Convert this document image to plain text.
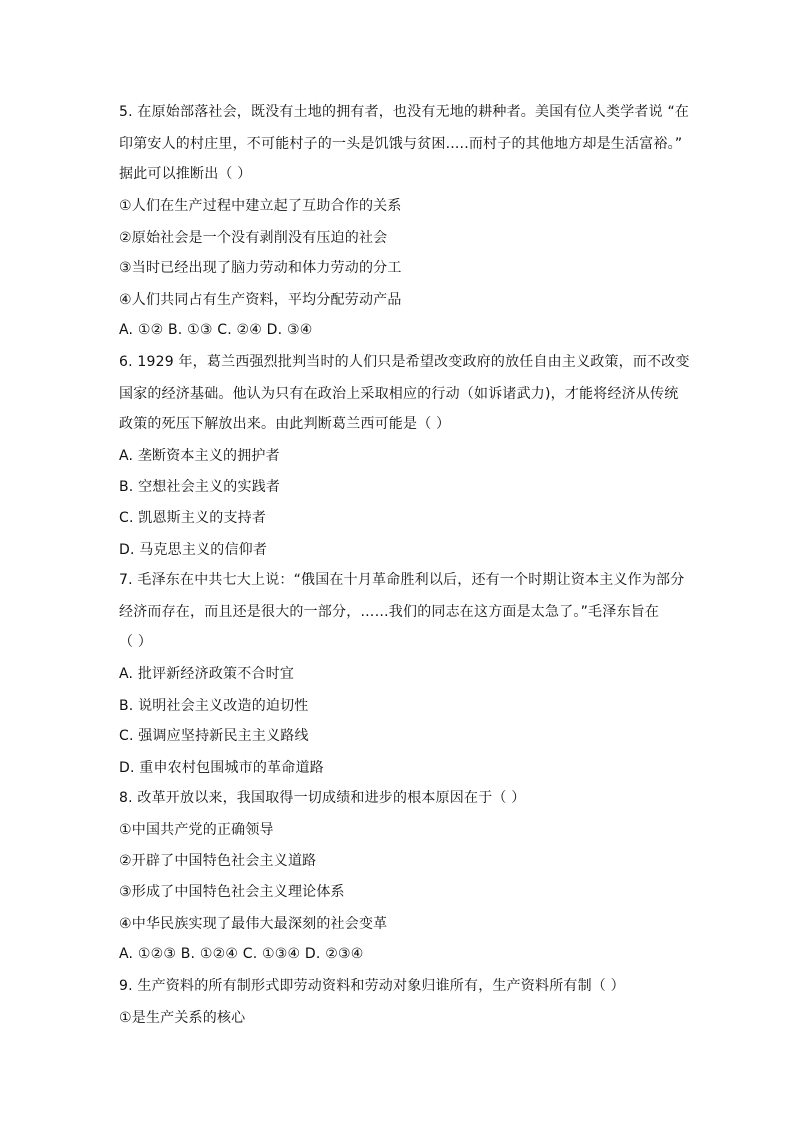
5. 在原始部落社会，既没有土地的拥有者，也没有无地的耕种者。美国有位人类学者说 “在
印第安人的村庄里，不可能村子的一头是饥饿与贫困.....而村子的其他地方却是生活富裕。”
据此可以推断出（ ）
①人们在生产过程中建立起了互助合作的关系
②原始社会是一个没有剥削没有压迫的社会
③当时已经出现了脑力劳动和体力劳动的分工
④人们共同占有生产资料，平均分配劳动产品
A. ①② B. ①③ C. ②④ D. ③④
6. 1929 年，葛兰西强烈批判当时的人们只是希望改变政府的放任自由主义政策，而不改变
国家的经济基础。他认为只有在政治上采取相应的行动（如诉诸武力)，才能将经济从传统
政策的死压下解放出来。由此判断葛兰西可能是（ ）
A. 垄断资本主义的拥护者
B. 空想社会主义的实践者
C. 凯恩斯主义的支持者
D. 马克思主义的信仰者
7. 毛泽东在中共七大上说：“俄国在十月革命胜利以后，还有一个时期让资本主义作为部分
经济而存在，而且还是很大的一部分，……我们的同志在这方面是太急了。”毛泽东旨在
（ ）
A. 批评新经济政策不合时宜
B. 说明社会主义改造的迫切性
C. 强调应坚持新民主主义路线
D. 重申农村包围城市的革命道路
8. 改革开放以来，我国取得一切成绩和进步的根本原因在于（ ）
①中国共产党的正确领导
②开辟了中国特色社会主义道路
③形成了中国特色社会主义理论体系
④中华民族实现了最伟大最深刻的社会变革
A. ①②③ B. ①②④ C. ①③④ D. ②③④
9. 生产资料的所有制形式即劳动资料和劳动对象归谁所有，生产资料所有制（ ）
①是生产关系的核心
